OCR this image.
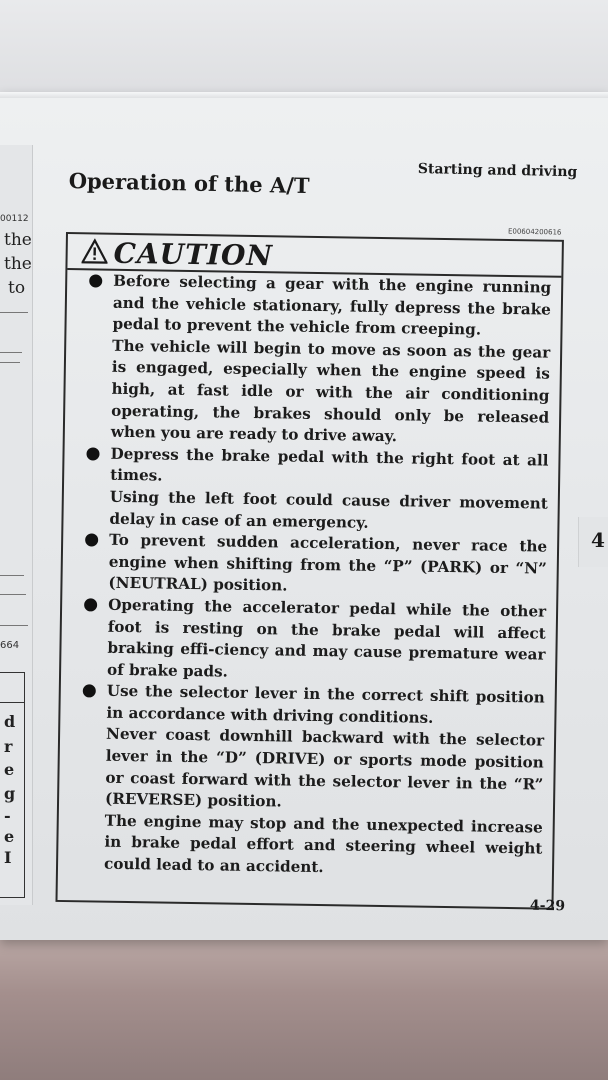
00112
the
the
to
664
d
r
e
g
-
e
I
Operation of the A/T	Starting and driving
E00604200616
CAUTION

Before selecting a gear with the engine running and the vehicle stationary, fully depress the brake pedal to prevent the vehicle from creeping.

The vehicle will begin to move as soon as the gear is engaged, especially when the engine speed is high, at fast idle or with the air conditioning operating, the brakes should only be released when you are ready to drive away.

Depress the brake pedal with the right foot at all times.

Using the left foot could cause driver movement delay in case of an emergency.

To prevent sudden acceleration, never race the engine when shifting from the “P” (PARK) or “N” (NEUTRAL) position.

Operating the accelerator pedal while the other foot is resting on the brake pedal will affect braking effi-ciency and may cause premature wear of brake pads.

Use the selector lever in the correct shift position in accordance with driving conditions.

Never coast downhill backward with the selector lever in the “D” (DRIVE) or sports mode position or coast forward with the selector lever in the “R” (REVERSE) position.

The engine may stop and the unexpected increase in brake pedal effort and steering wheel weight could lead to an accident.

4
4-29
